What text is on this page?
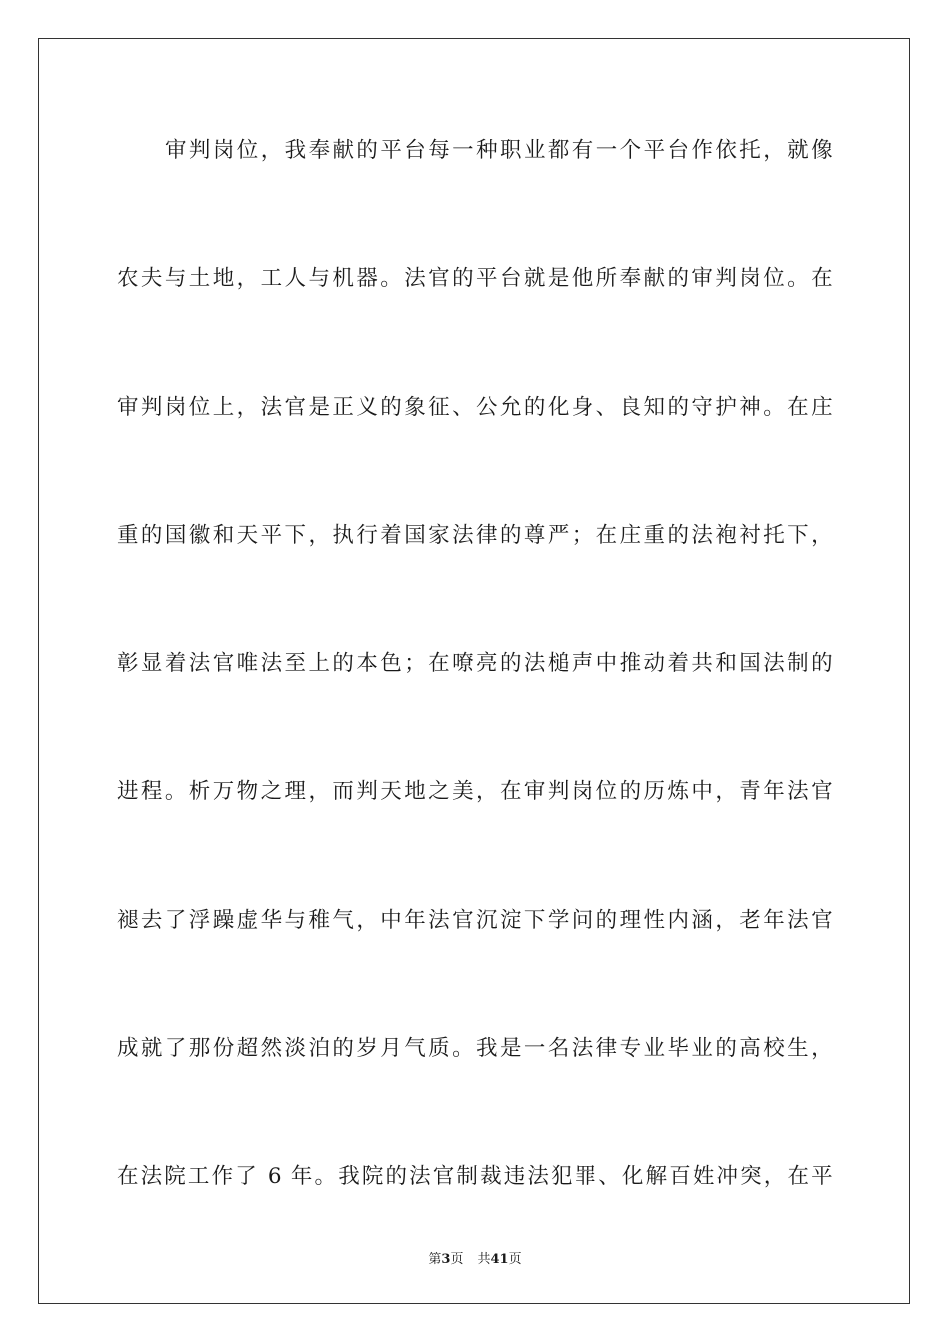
审判岗位，我奉献的平台每一种职业都有一个平台作依托，就像
农夫与土地，工人与机器。法官的平台就是他所奉献的审判岗位。在
审判岗位上，法官是正义的象征、公允的化身、良知的守护神。在庄
重的国徽和天平下，执行着国家法律的尊严；在庄重的法袍衬托下，
彰显着法官唯法至上的本色；在嘹亮的法槌声中推动着共和国法制的
进程。析万物之理，而判天地之美，在审判岗位的历炼中，青年法官
褪去了浮躁虚华与稚气，中年法官沉淀下学问的理性内涵，老年法官
成就了那份超然淡泊的岁月气质。我是一名法律专业毕业的高校生，
在法院工作了 6 年。我院的法官制裁违法犯罪、化解百姓冲突，在平
第3页 共41页
